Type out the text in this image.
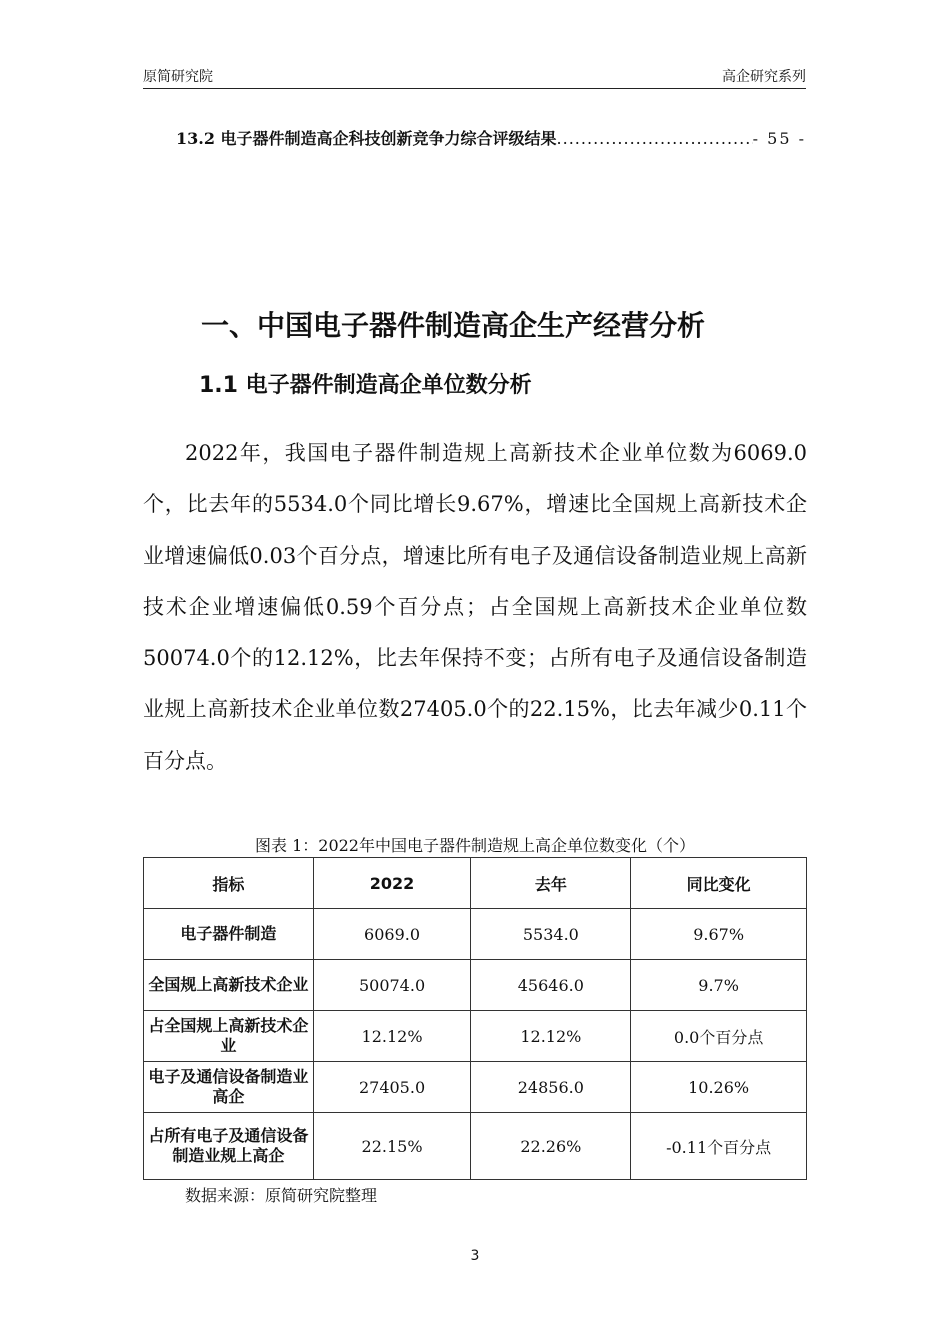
原简研究院	高企研究系列
13.2 电子器件制造高企科技创新竞争力综合评级结果 .....	- 55 -
一、中国电子器件制造高企生产经营分析
1.1 电子器件制造高企单位数分析

2022年，我国电子器件制造规上高新技术企业单位数为6069.0个，比去年的5534.0个同比增长9.67%，增速比全国规上高新技术企业增速偏低0.03个百分点，增速比所有电子及通信设备制造业规上高新技术企业增速偏低0.59个百分点；占全国规上高新技术企业单位数50074.0个的12.12%，比去年保持不变；占所有电子及通信设备制造业规上高新技术企业单位数27405.0个的22.15%，比去年减少0.11个百分点。

图表 1：2022年中国电子器件制造规上高企单位数变化（个）
指标	2022	去年	同比变化
电子器件制造	6069.0	5534.0	9.67%
全国规上高新技术企业	50074.0	45646.0	9.7%
占全国规上高新技术企业	12.12%	12.12%	0.0个百分点
电子及通信设备制造业高企	27405.0	24856.0	10.26%
占所有电子及通信设备制造业规上高企	22.15%	22.26%	-0.11个百分点
数据来源：原简研究院整理
3
